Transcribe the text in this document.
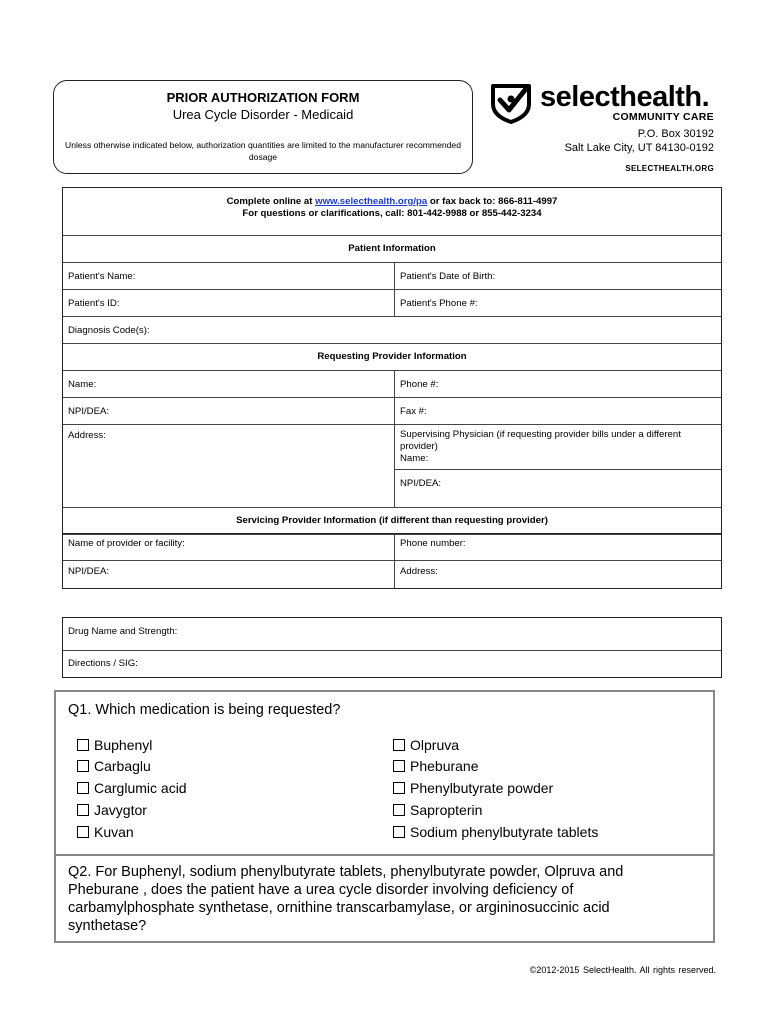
PRIOR AUTHORIZATION FORM
Urea Cycle Disorder - Medicaid
Unless otherwise indicated below, authorization quantities are limited to the manufacturer recommended dosage
selecthealth.
COMMUNITY CARE
P.O. Box 30192
Salt Lake City, UT 84130-0192
SELECTHEALTH.ORG
Complete online at www.selecthealth.org/pa or fax back to: 866-811-4997
For questions or clarifications, call: 801-442-9988 or 855-442-3234
Patient Information
Patient's Name:	Patient's Date of Birth:
Patient's ID:	Patient's Phone #:
Diagnosis Code(s):
Requesting Provider Information
Name:	Phone #:
NPI/DEA:	Fax #:
Address:	Supervising Physician (if requesting provider bills under a different provider)
Name:
NPI/DEA:
Servicing Provider Information (if different than requesting provider)
Name of provider or facility:	Phone number:
NPI/DEA:	Address:
Drug Name and Strength:
Directions / SIG:
Q1. Which medication is being requested?
Buphenyl
Carbaglu
Carglumic acid
Javygtor
Kuvan
Olpruva
Pheburane
Phenylbutyrate powder
Sapropterin
Sodium phenylbutyrate tablets
Q2. For Buphenyl, sodium phenylbutyrate tablets, phenylbutyrate powder, Olpruva and Pheburane , does the patient have a urea cycle disorder involving deficiency of carbamylphosphate synthetase, ornithine transcarbamylase, or argininosuccinic acid synthetase?
©2012-2015 SelectHealth. All rights reserved.
